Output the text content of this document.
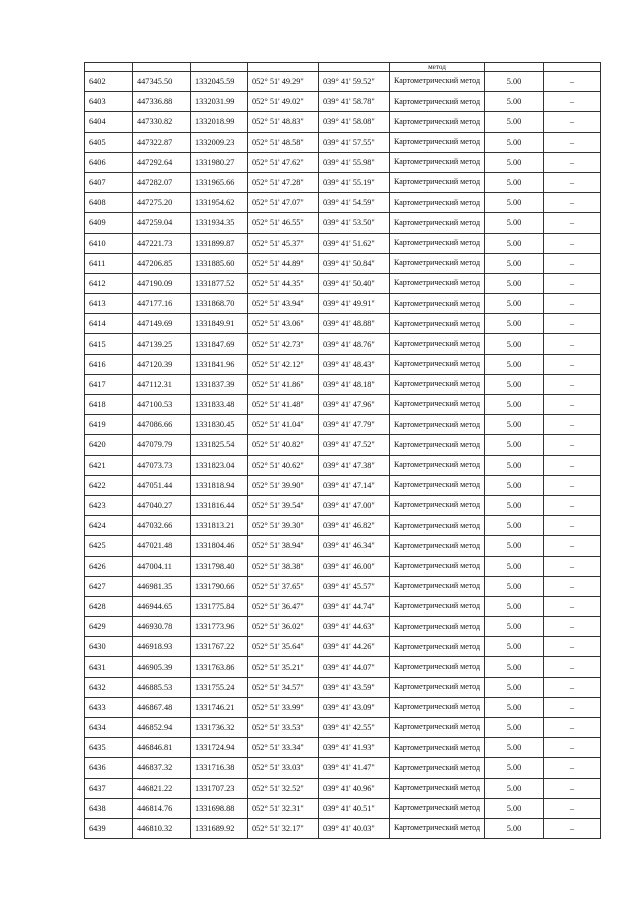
					метод		
6402	447345.50	1332045.59	052° 51' 49.29"	039° 41' 59.52"	Картометрический метод	5.00	–
6403	447336.88	1332031.99	052° 51' 49.02"	039° 41' 58.78"	Картометрический метод	5.00	–
6404	447330.82	1332018.99	052° 51' 48.83"	039° 41' 58.08"	Картометрический метод	5.00	–
6405	447322.87	1332009.23	052° 51' 48.58"	039° 41' 57.55"	Картометрический метод	5.00	–
6406	447292.64	1331980.27	052° 51' 47.62"	039° 41' 55.98"	Картометрический метод	5.00	–
6407	447282.07	1331965.66	052° 51' 47.28"	039° 41' 55.19"	Картометрический метод	5.00	–
6408	447275.20	1331954.62	052° 51' 47.07"	039° 41' 54.59"	Картометрический метод	5.00	–
6409	447259.04	1331934.35	052° 51' 46.55"	039° 41' 53.50"	Картометрический метод	5.00	–
6410	447221.73	1331899.87	052° 51' 45.37"	039° 41' 51.62"	Картометрический метод	5.00	–
6411	447206.85	1331885.60	052° 51' 44.89"	039° 41' 50.84"	Картометрический метод	5.00	–
6412	447190.09	1331877.52	052° 51' 44.35"	039° 41' 50.40"	Картометрический метод	5.00	–
6413	447177.16	1331868.70	052° 51' 43.94"	039° 41' 49.91"	Картометрический метод	5.00	–
6414	447149.69	1331849.91	052° 51' 43.06"	039° 41' 48.88"	Картометрический метод	5.00	–
6415	447139.25	1331847.69	052° 51' 42.73"	039° 41' 48.76"	Картометрический метод	5.00	–
6416	447120.39	1331841.96	052° 51' 42.12"	039° 41' 48.43"	Картометрический метод	5.00	–
6417	447112.31	1331837.39	052° 51' 41.86"	039° 41' 48.18"	Картометрический метод	5.00	–
6418	447100.53	1331833.48	052° 51' 41.48"	039° 41' 47.96"	Картометрический метод	5.00	–
6419	447086.66	1331830.45	052° 51' 41.04"	039° 41' 47.79"	Картометрический метод	5.00	–
6420	447079.79	1331825.54	052° 51' 40.82"	039° 41' 47.52"	Картометрический метод	5.00	–
6421	447073.73	1331823.04	052° 51' 40.62"	039° 41' 47.38"	Картометрический метод	5.00	–
6422	447051.44	1331818.94	052° 51' 39.90"	039° 41' 47.14"	Картометрический метод	5.00	–
6423	447040.27	1331816.44	052° 51' 39.54"	039° 41' 47.00"	Картометрический метод	5.00	–
6424	447032.66	1331813.21	052° 51' 39.30"	039° 41' 46.82"	Картометрический метод	5.00	–
6425	447021.48	1331804.46	052° 51' 38.94"	039° 41' 46.34"	Картометрический метод	5.00	–
6426	447004.11	1331798.40	052° 51' 38.38"	039° 41' 46.00"	Картометрический метод	5.00	–
6427	446981.35	1331790.66	052° 51' 37.65"	039° 41' 45.57"	Картометрический метод	5.00	–
6428	446944.65	1331775.84	052° 51' 36.47"	039° 41' 44.74"	Картометрический метод	5.00	–
6429	446930.78	1331773.96	052° 51' 36.02"	039° 41' 44.63"	Картометрический метод	5.00	–
6430	446918.93	1331767.22	052° 51' 35.64"	039° 41' 44.26"	Картометрический метод	5.00	–
6431	446905.39	1331763.86	052° 51' 35.21"	039° 41' 44.07"	Картометрический метод	5.00	–
6432	446885.53	1331755.24	052° 51' 34.57"	039° 41' 43.59"	Картометрический метод	5.00	–
6433	446867.48	1331746.21	052° 51' 33.99"	039° 41' 43.09"	Картометрический метод	5.00	–
6434	446852.94	1331736.32	052° 51' 33.53"	039° 41' 42.55"	Картометрический метод	5.00	–
6435	446846.81	1331724.94	052° 51' 33.34"	039° 41' 41.93"	Картометрический метод	5.00	–
6436	446837.32	1331716.38	052° 51' 33.03"	039° 41' 41.47"	Картометрический метод	5.00	–
6437	446821.22	1331707.23	052° 51' 32.52"	039° 41' 40.96"	Картометрический метод	5.00	–
6438	446814.76	1331698.88	052° 51' 32.31"	039° 41' 40.51"	Картометрический метод	5.00	–
6439	446810.32	1331689.92	052° 51' 32.17"	039° 41' 40.03"	Картометрический метод	5.00	–
